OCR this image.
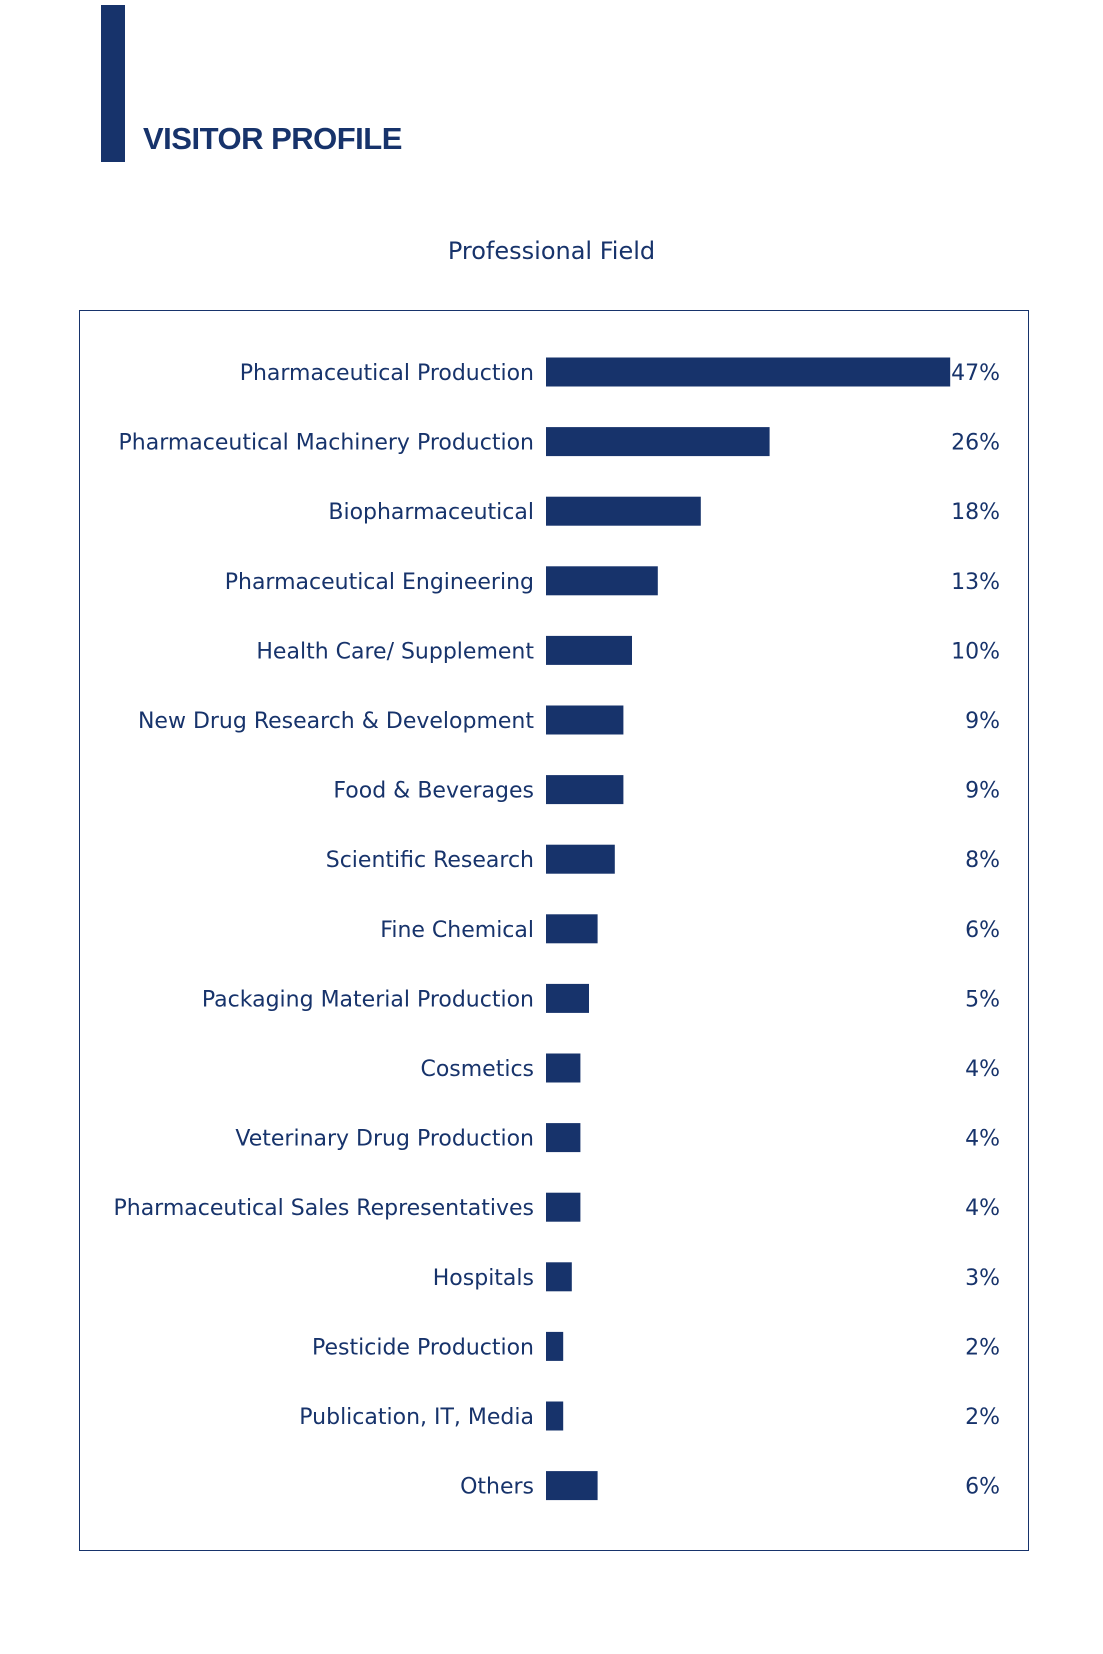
VISITOR PROFILE
Professional Field
Pharmaceutical Production	47%
Pharmaceutical Machinery Production	26%
Biopharmaceutical	18%
Pharmaceutical Engineering	13%
Health Care/ Supplement	10%
New Drug Research & Development	9%
Food & Beverages	9%
Scientific Research	8%
Fine Chemical	6%
Packaging Material Production	5%
Cosmetics	4%
Veterinary Drug Production	4%
Pharmaceutical Sales Representatives	4%
Hospitals	3%
Pesticide Production	2%
Publication, IT, Media	2%
Others	6%
